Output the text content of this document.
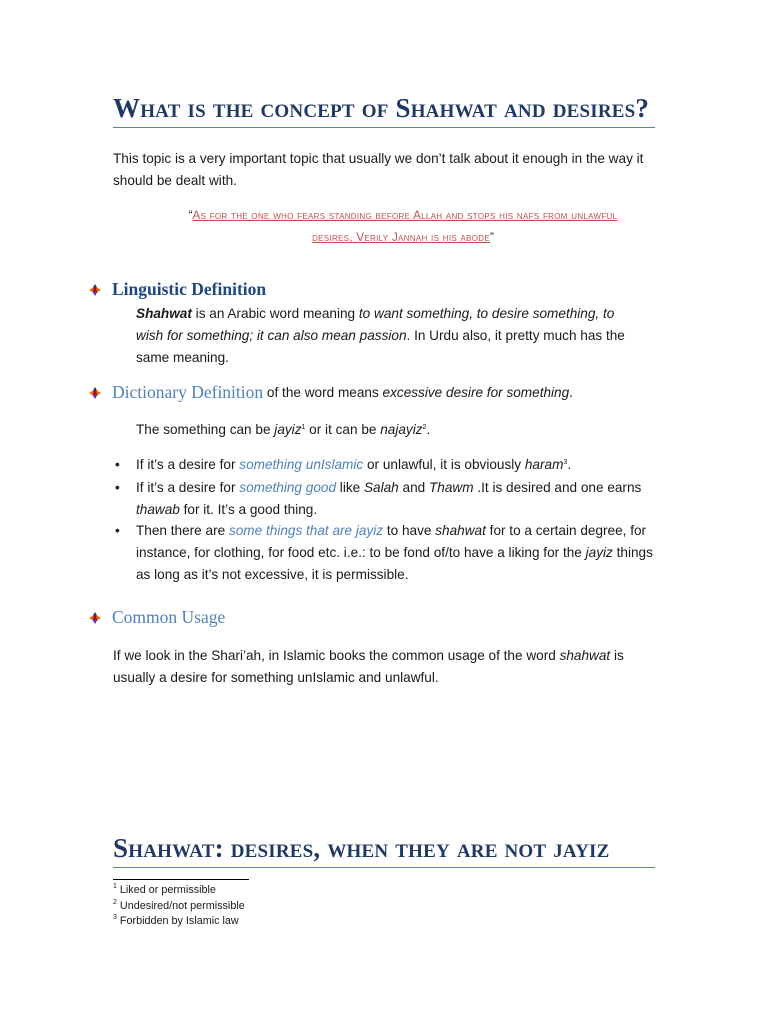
What is the concept of Shahwat and desires?
This topic is a very important topic that usually we don’t talk about it enough in the way it should be dealt with.
“As for the one who fears standing before Allah and stops his nafs from unlawful
desires, Verily Jannah is his abode”
Linguistic Definition
Shahwat is an Arabic word meaning to want something, to desire something, to wish for something; it can also mean passion. In Urdu also, it pretty much has the same meaning.
Dictionary Definition of the word means excessive desire for something.
The something can be jayiz$^1$ or it can be najayiz$^2$.
•	If it’s a desire for something unIslamic or unlawful, it is obviously haram$^3$.
•	If it’s a desire for something good like Salah and Thawm .It is desired and one earns thawab for it. It’s a good thing.
•	Then there are some things that are jayiz to have shahwat for to a certain degree, for instance, for clothing, for food etc. i.e.: to be fond of/to have a liking for the jayiz things as long as it’s not excessive, it is permissible.
Common Usage
If we look in the Shari’ah, in Islamic books the common usage of the word shahwat is usually a desire for something unIslamic and unlawful.
Shahwat: desires, when they are not jayiz
$^1$ Liked or permissible
$^2$ Undesired/not permissible
$^3$ Forbidden by Islamic law
